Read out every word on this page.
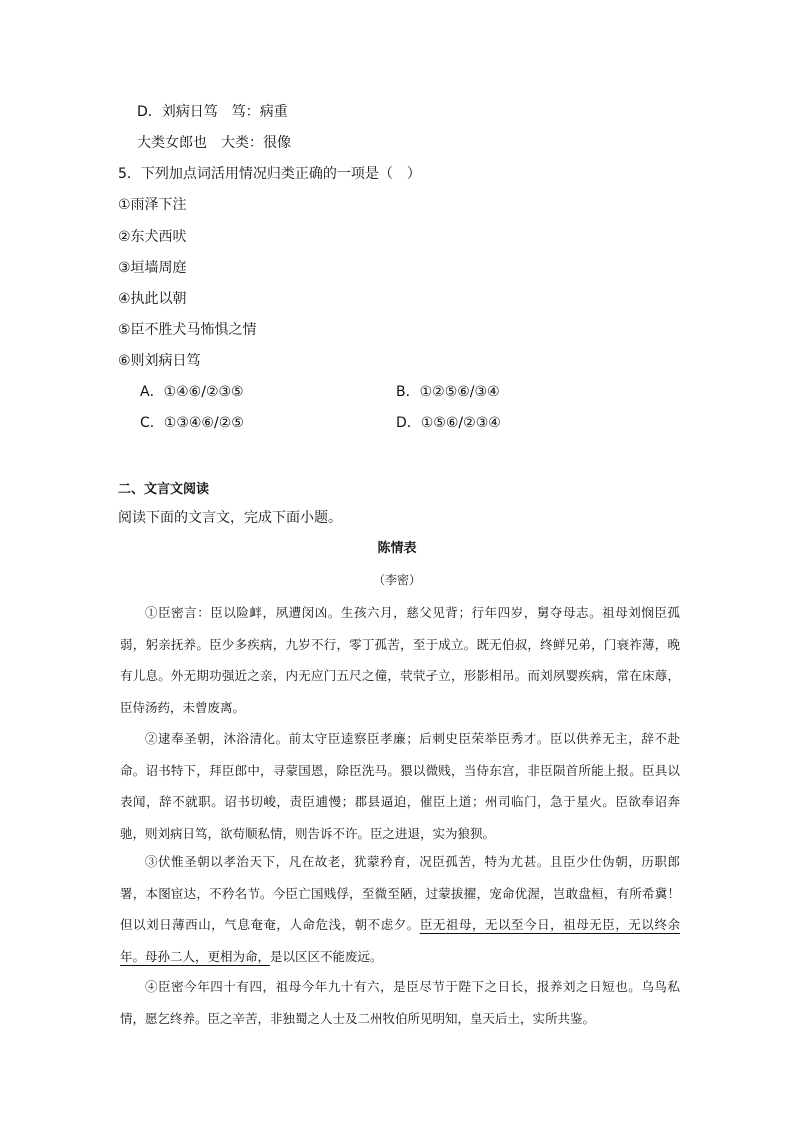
D．刘病日笃　笃：病重
大类女郎也　大类：很像
5．下列加点词活用情况归类正确的一项是（　）
①雨泽下注
②东犬西吠
③垣墙周庭
④执此以朝
⑤臣不胜犬马怖惧之情
⑥则刘病日笃
A．①④⑥/②③⑤	B．①②⑤⑥/③④
C．①③④⑥/②⑤	D．①⑤⑥/②③④
二、文言文阅读
阅读下面的文言文，完成下面小题。
陈情表
（李密）
①臣密言：臣以险衅，夙遭闵凶。生孩六月，慈父见背；行年四岁，舅夺母志。祖母刘悯臣孤弱，躬亲抚养。臣少多疾病，九岁不行，零丁孤苦，至于成立。既无伯叔，终鲜兄弟，门衰祚薄，晚有儿息。外无期功强近之亲，内无应门五尺之僮，茕茕孑立，形影相吊。而刘夙婴疾病，常在床蓐，臣侍汤药，未曾废离。
②逮奉圣朝，沐浴清化。前太守臣逵察臣孝廉；后刺史臣荣举臣秀才。臣以供养无主，辞不赴命。诏书特下，拜臣郎中，寻蒙国恩，除臣洗马。猥以微贱，当侍东宫，非臣陨首所能上报。臣具以表闻，辞不就职。诏书切峻，责臣逋慢；郡县逼迫，催臣上道；州司临门，急于星火。臣欲奉诏奔驰，则刘病日笃，欲苟顺私情，则告诉不许。臣之进退，实为狼狈。
③伏惟圣朝以孝治天下，凡在故老，犹蒙矜育，况臣孤苦，特为尤甚。且臣少仕伪朝，历职郎署，本图宦达，不矜名节。今臣亡国贱俘，至微至陋，过蒙拔擢，宠命优渥，岂敢盘桓，有所希冀！但以刘日薄西山，气息奄奄，人命危浅，朝不虑夕。臣无祖母，无以至今日，祖母无臣，无以终余年。母孙二人，更相为命，是以区区不能废远。
④臣密今年四十有四，祖母今年九十有六，是臣尽节于陛下之日长，报养刘之日短也。乌鸟私情，愿乞终养。臣之辛苦，非独蜀之人士及二州牧伯所见明知，皇天后土，实所共鉴。
